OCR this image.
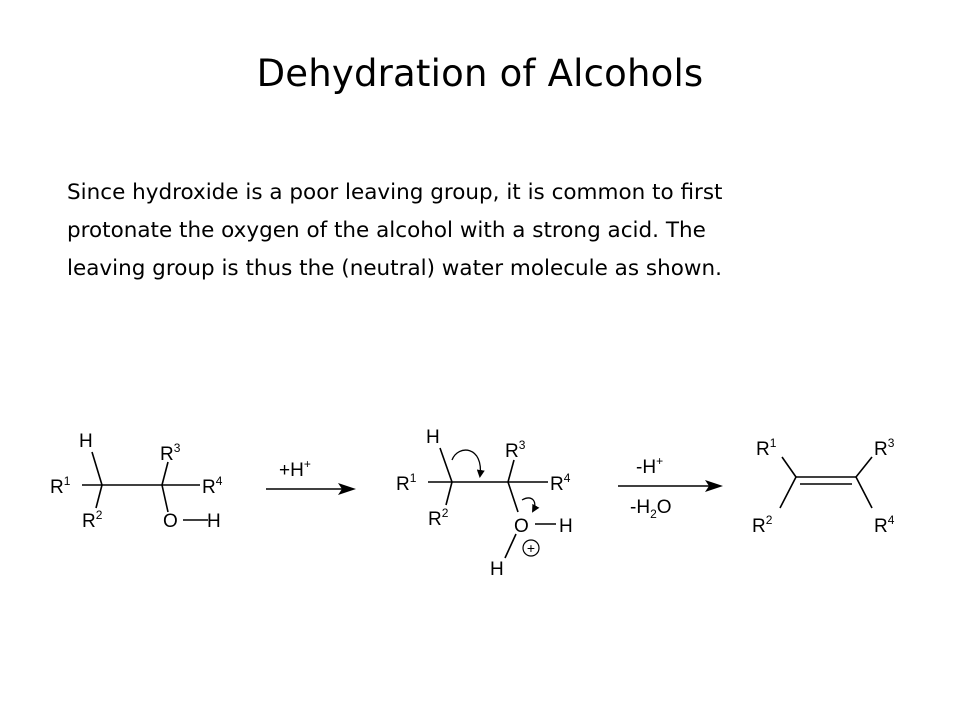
Dehydration of Alcohols
Since hydroxide is a poor leaving group, it is common to first
protonate the oxygen of the alcohol with a strong acid. The
leaving group is thus the (neutral) water molecule as shown.
H
$R^1$
$R^2$
$R^3$
$R^4$
O H
+H+
H
$R^1$
$R^2$
$R^3$
$R^4$
O H
H
+
-H+
$-H_2O$
$R^1$
$R^2$
$R^3$
$R^4$
